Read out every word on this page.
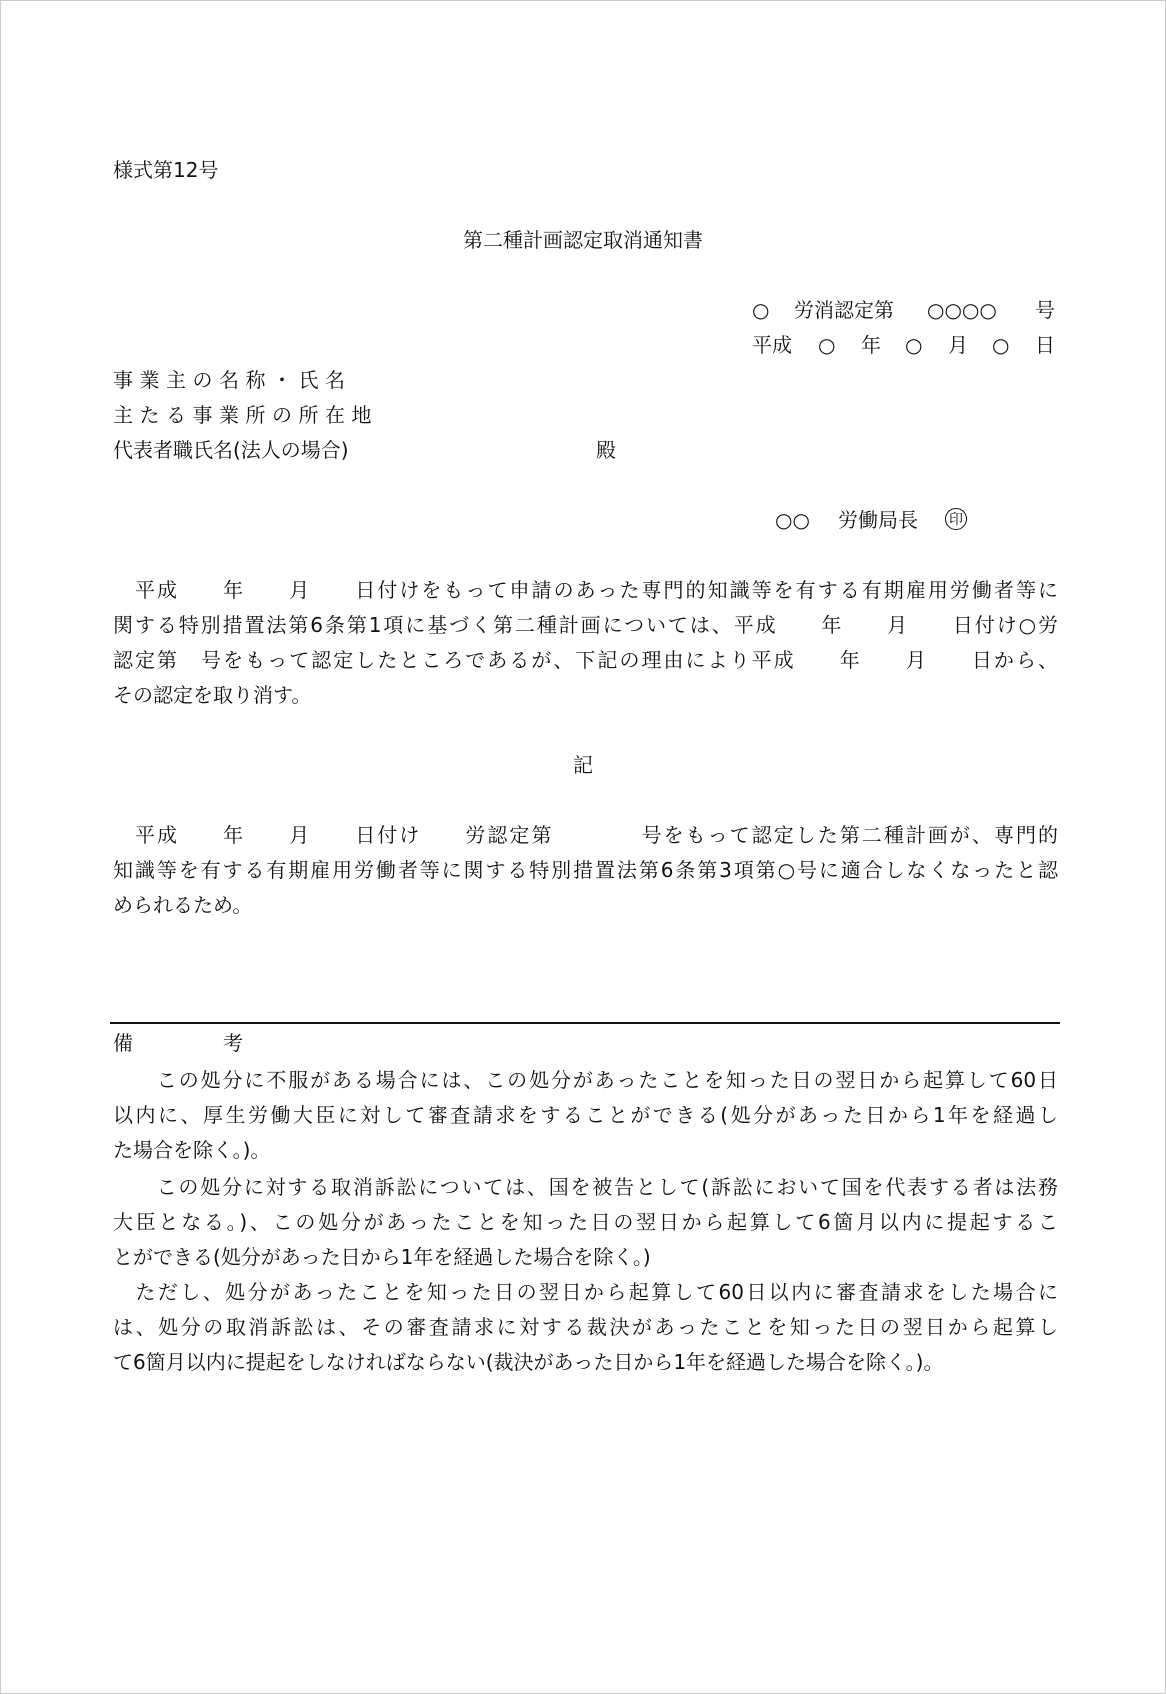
様式第12号
第二種計画認定取消通知書
○ 労消認定第 ○○○○ 号
平成 ○ 年 ○ 月 ○ 日
事業主の名称・氏名
主たる事業所の所在地
代表者職氏名(法人の場合)	殿
○○ 労働局長 印
　平成　　年　　月　　日付けをもって申請のあった専門的知識等を有する有期雇用労働者等に
関する特別措置法第6条第1項に基づく第二種計画については、平成　　年　　月　　日付け○労
認定第　号をもって認定したところであるが、下記の理由により平成　　年　　月　　日から、
その認定を取り消す。
記
　平成　　年　　月　　日付け　　労認定第　　　　号をもって認定した第二種計画が、専門的
知識等を有する有期雇用労働者等に関する特別措置法第6条第3項第○号に適合しなくなったと認
められるため。
備	考
　　この処分に不服がある場合には、この処分があったことを知った日の翌日から起算して60日
以内に、厚生労働大臣に対して審査請求をすることができる(処分があった日から1年を経過し
た場合を除く。)。
　　この処分に対する取消訴訟については、国を被告として(訴訟において国を代表する者は法務
大臣となる。)、この処分があったことを知った日の翌日から起算して6箇月以内に提起するこ
とができる(処分があった日から1年を経過した場合を除く。)
　ただし、処分があったことを知った日の翌日から起算して60日以内に審査請求をした場合に
は、処分の取消訴訟は、その審査請求に対する裁決があったことを知った日の翌日から起算し
て6箇月以内に提起をしなければならない(裁決があった日から1年を経過した場合を除く。)。
